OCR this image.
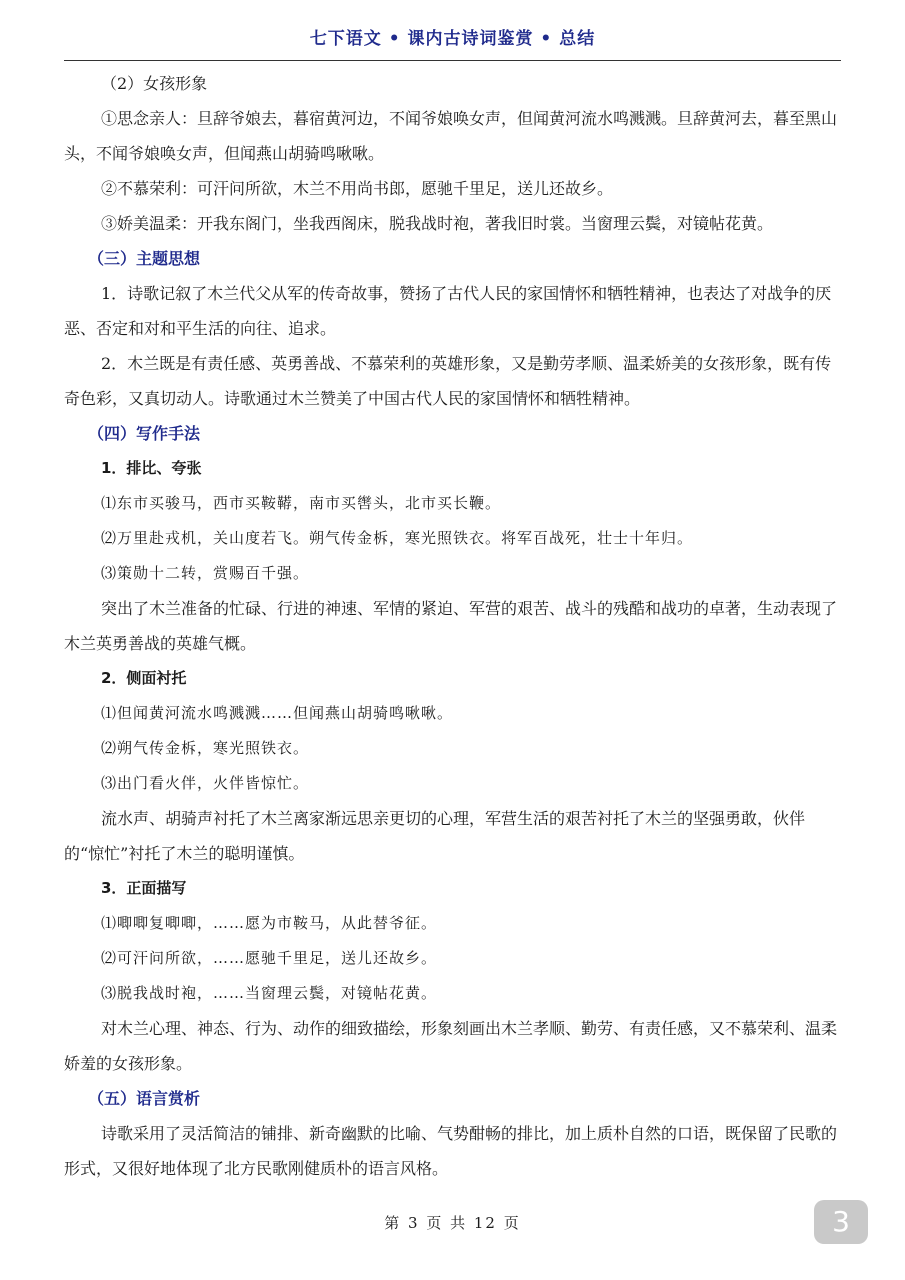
七下语文 • 课内古诗词鉴赏 • 总结

（2）女孩形象

①思念亲人：旦辞爷娘去，暮宿黄河边，不闻爷娘唤女声，但闻黄河流水鸣溅溅。旦辞黄河去，暮至黑山头，不闻爷娘唤女声，但闻燕山胡骑鸣啾啾。

②不慕荣利：可汗问所欲，木兰不用尚书郎，愿驰千里足，送儿还故乡。

③娇美温柔：开我东阁门，坐我西阁床，脱我战时袍，著我旧时裳。当窗理云鬓，对镜帖花黄。

（三）主题思想

1．诗歌记叙了木兰代父从军的传奇故事，赞扬了古代人民的家国情怀和牺牲精神，也表达了对战争的厌恶、否定和对和平生活的向往、追求。

2．木兰既是有责任感、英勇善战、不慕荣利的英雄形象，又是勤劳孝顺、温柔娇美的女孩形象，既有传奇色彩，又真切动人。诗歌通过木兰赞美了中国古代人民的家国情怀和牺牲精神。

（四）写作手法

1．排比、夸张

⑴东市买骏马，西市买鞍鞯，南市买辔头，北市买长鞭。

⑵万里赴戎机，关山度若飞。朔气传金柝，寒光照铁衣。将军百战死，壮士十年归。

⑶策勋十二转，赏赐百千强。

突出了木兰准备的忙碌、行进的神速、军情的紧迫、军营的艰苦、战斗的残酷和战功的卓著，生动表现了木兰英勇善战的英雄气概。

2．侧面衬托

⑴但闻黄河流水鸣溅溅……但闻燕山胡骑鸣啾啾。

⑵朔气传金柝，寒光照铁衣。

⑶出门看火伴，火伴皆惊忙。

流水声、胡骑声衬托了木兰离家渐远思亲更切的心理，军营生活的艰苦衬托了木兰的坚强勇敢，伙伴的“惊忙”衬托了木兰的聪明谨慎。

3．正面描写

⑴唧唧复唧唧，……愿为市鞍马，从此替爷征。

⑵可汗问所欲，……愿驰千里足，送儿还故乡。

⑶脱我战时袍，……当窗理云鬓，对镜帖花黄。

对木兰心理、神态、行为、动作的细致描绘，形象刻画出木兰孝顺、勤劳、有责任感，又不慕荣利、温柔娇羞的女孩形象。

（五）语言赏析

诗歌采用了灵活简洁的铺排、新奇幽默的比喻、气势酣畅的排比，加上质朴自然的口语，既保留了民歌的形式，又很好地体现了北方民歌刚健质朴的语言风格。

第 3 页 共 12 页	3
